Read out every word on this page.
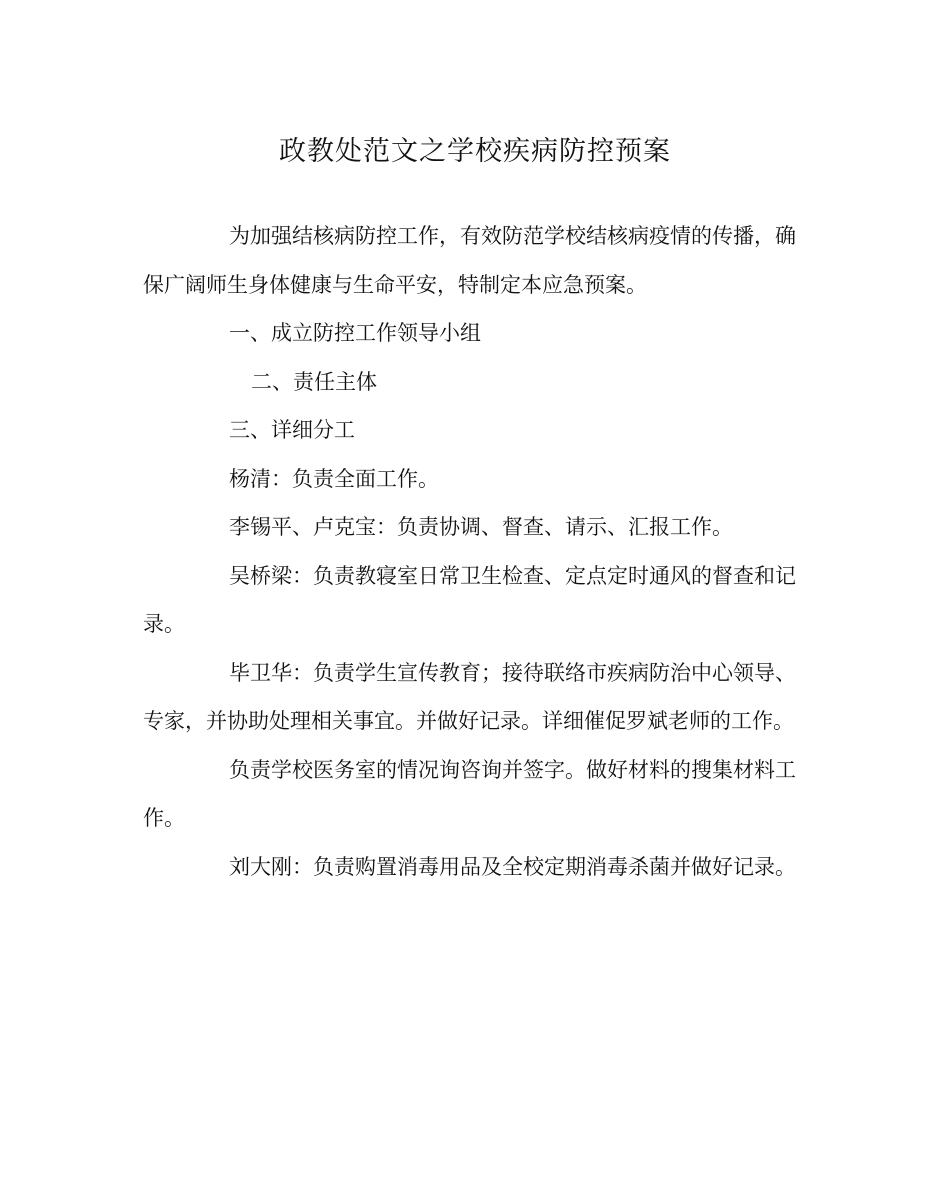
政教处范文之学校疾病防控预案

为加强结核病防控工作，有效防范学校结核病疫情的传播，确保广阔师生身体健康与生命平安，特制定本应急预案。

一、成立防控工作领导小组

二、责任主体

三、详细分工

杨清：负责全面工作。

李锡平、卢克宝：负责协调、督查、请示、汇报工作。

吴桥梁：负责教寝室日常卫生检查、定点定时通风的督查和记录。

毕卫华：负责学生宣传教育；接待联络市疾病防治中心领导、专家，并协助处理相关事宜。并做好记录。详细催促罗斌老师的工作。

负责学校医务室的情况询咨询并签字。做好材料的搜集材料工作。

刘大刚：负责购置消毒用品及全校定期消毒杀菌并做好记录。
